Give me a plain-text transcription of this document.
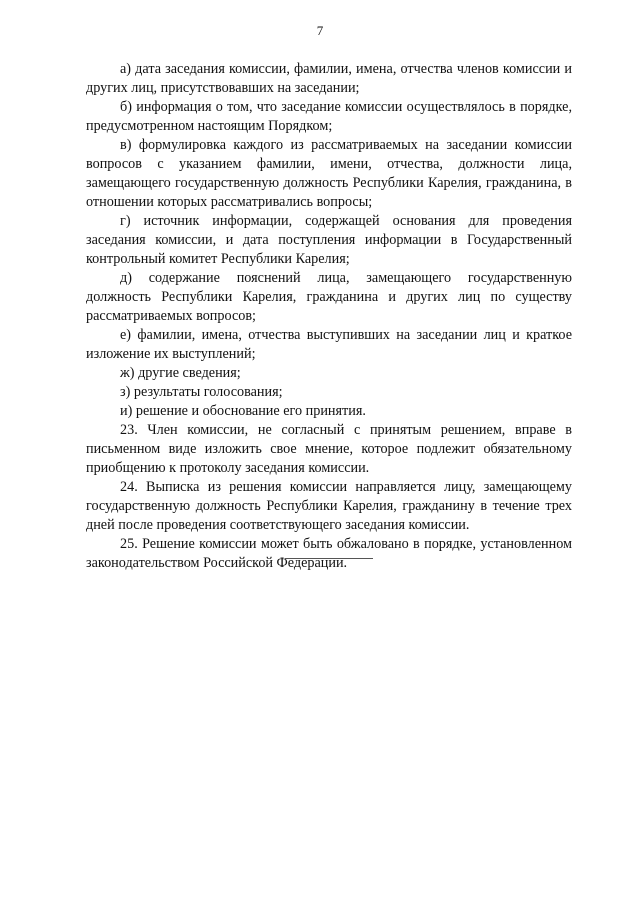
7

а) дата заседания комиссии, фамилии, имена, отчества членов комиссии и других лиц, присутствовавших на заседании;

б) информация о том, что заседание комиссии осуществлялось в порядке, предусмотренном настоящим Порядком;

в) формулировка каждого из рассматриваемых на заседании комиссии вопросов с указанием фамилии, имени, отчества, должности лица, замещающего государственную должность Республики Карелия, гражданина, в отношении которых рассматривались вопросы;

г) источник информации, содержащей основания для проведения заседания комиссии, и дата поступления информации в Государственный контрольный комитет Республики Карелия;

д) содержание пояснений лица, замещающего государственную должность Республики Карелия, гражданина и других лиц по существу рассматриваемых вопросов;

е) фамилии, имена, отчества выступивших на заседании лиц и краткое изложение их выступлений;

ж) другие сведения;

з) результаты голосования;

и) решение и обоснование его принятия.

23. Член комиссии, не согласный с принятым решением, вправе в письменном виде изложить свое мнение, которое подлежит обязательному приобщению к протоколу заседания комиссии.

24. Выписка из решения комиссии направляется лицу, замещающему государственную должность Республики Карелия, гражданину в течение трех дней после проведения соответствующего заседания комиссии.

25. Решение комиссии может быть обжаловано в порядке, установленном законодательством Российской Федерации.
